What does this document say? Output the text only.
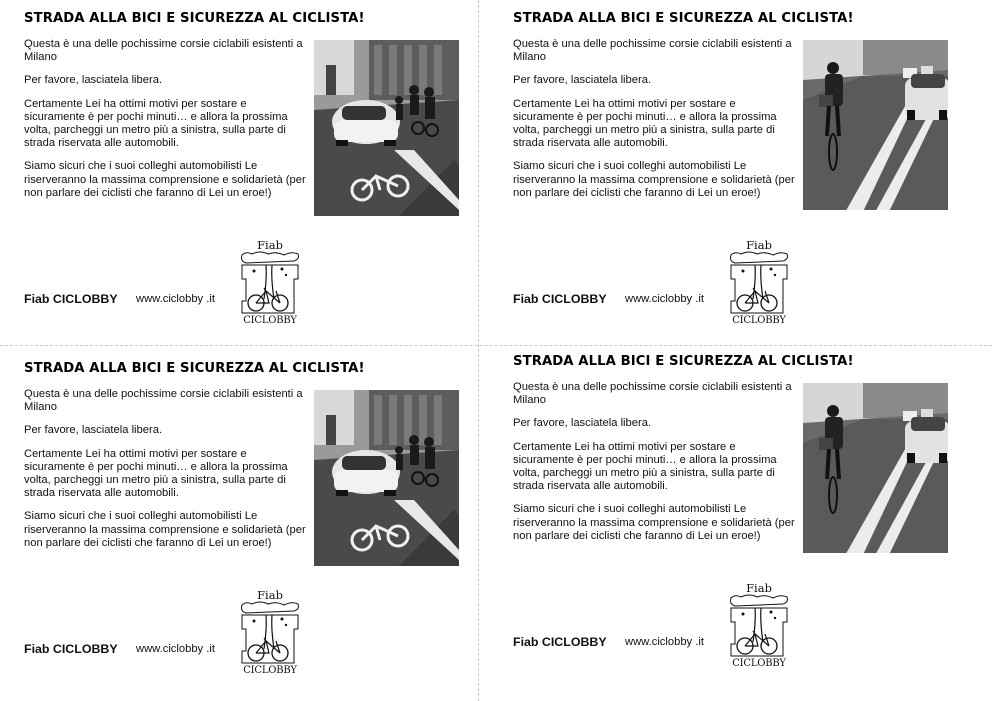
STRADA ALLA BICI E SICUREZZA AL CICLISTA!

Questa è una delle pochissime corsie ciclabili esistenti a Milano

Per favore, lasciatela libera.

Certamente Lei ha ottimi motivi per sostare e sicuramente è per pochi minuti… e allora la prossima volta, parcheggi un metro più a sinistra, sulla parte di strada riservata alle automobili.

Siamo sicuri che i suoi colleghi automobilisti Le riserveranno la massima comprensione e solidarietà (per non parlare dei ciclisti che faranno di Lei un eroe!)

Fiab CICLOBBY www.ciclobby .it
Fiab
CICLOBBY
STRADA ALLA BICI E SICUREZZA AL CICLISTA!

Questa è una delle pochissime corsie ciclabili esistenti a Milano

Per favore, lasciatela libera.

Certamente Lei ha ottimi motivi per sostare e sicuramente è per pochi minuti… e allora la prossima volta, parcheggi un metro più a sinistra, sulla parte di strada riservata alle automobili.

Siamo sicuri che i suoi colleghi automobilisti Le riserveranno la massima comprensione e solidarietà (per non parlare dei ciclisti che faranno di Lei un eroe!)

Fiab CICLOBBY www.ciclobby .it
Fiab
CICLOBBY
STRADA ALLA BICI E SICUREZZA AL CICLISTA!

Questa è una delle pochissime corsie ciclabili esistenti a Milano

Per favore, lasciatela libera.

Certamente Lei ha ottimi motivi per sostare e sicuramente è per pochi minuti… e allora la prossima volta, parcheggi un metro più a sinistra, sulla parte di strada riservata alle automobili.

Siamo sicuri che i suoi colleghi automobilisti Le riserveranno la massima comprensione e solidarietà (per non parlare dei ciclisti che faranno di Lei un eroe!)

Fiab CICLOBBY www.ciclobby .it
Fiab
CICLOBBY
STRADA ALLA BICI E SICUREZZA AL CICLISTA!

Questa è una delle pochissime corsie ciclabili esistenti a Milano

Per favore, lasciatela libera.

Certamente Lei ha ottimi motivi per sostare e sicuramente è per pochi minuti… e allora la prossima volta, parcheggi un metro più a sinistra, sulla parte di strada riservata alle automobili.

Siamo sicuri che i suoi colleghi automobilisti Le riserveranno la massima comprensione e solidarietà (per non parlare dei ciclisti che faranno di Lei un eroe!)

Fiab CICLOBBY www.ciclobby .it
Fiab
CICLOBBY
